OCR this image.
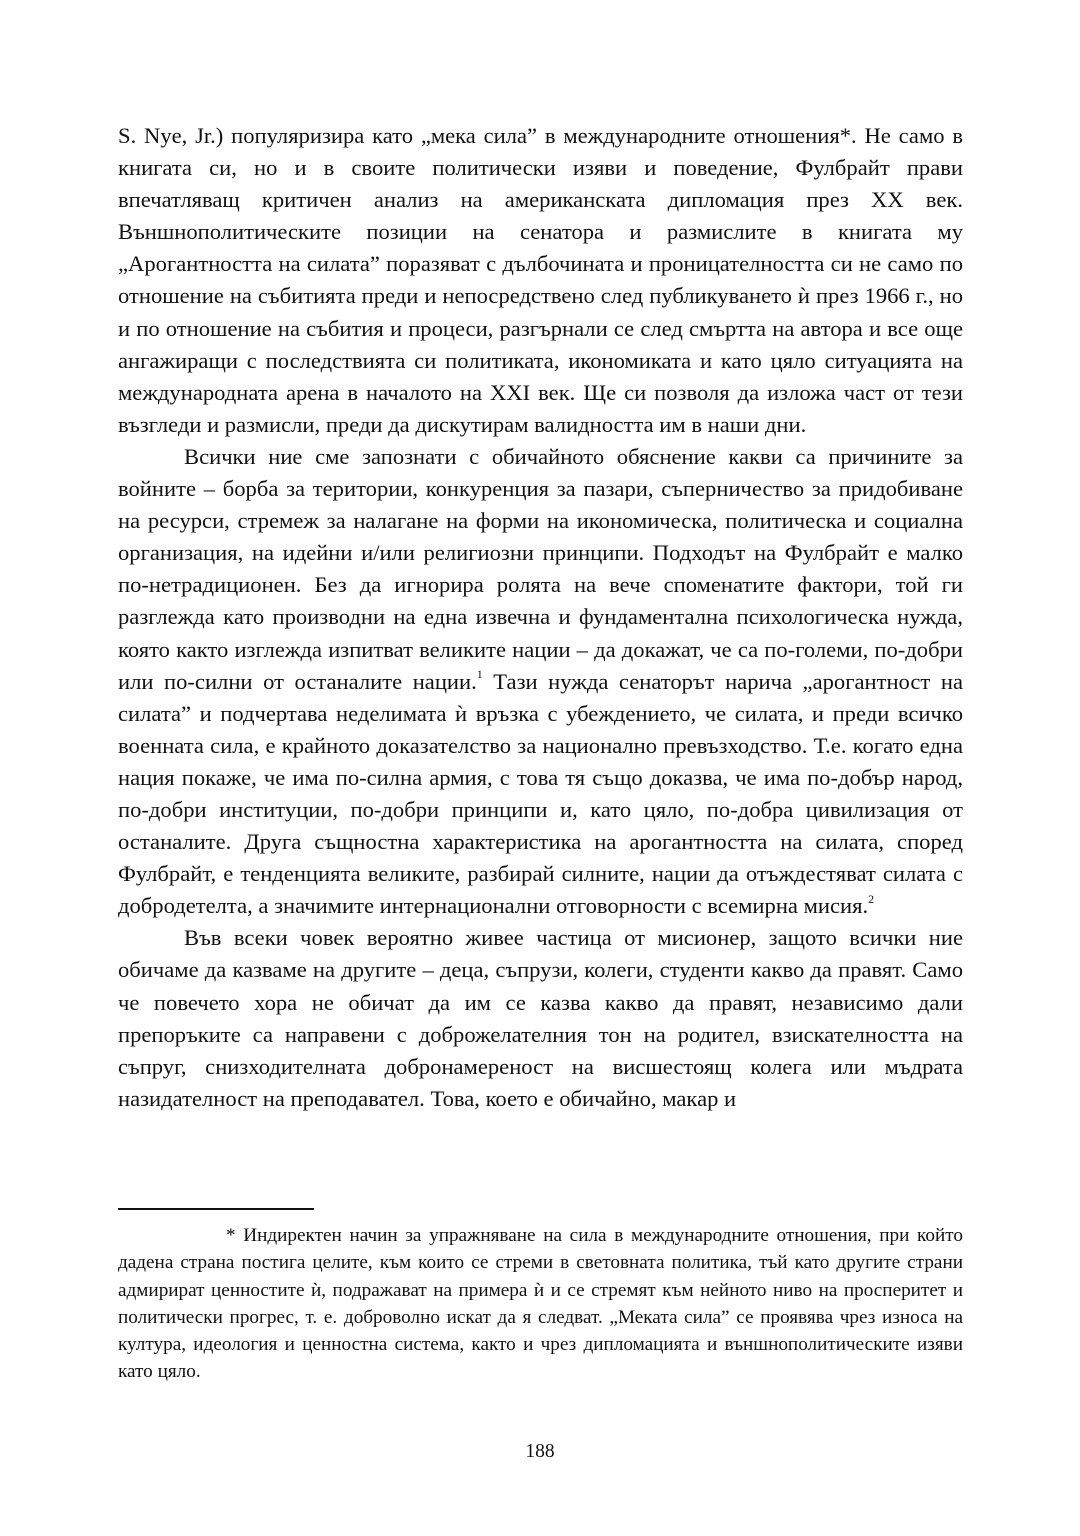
S. Nye, Jr.) популяризира като „мека сила” в международните отношения*. Не само в книгата си, но и в своите политически изяви и поведение, Фулбрайт прави впечатляващ критичен анализ на американската дипломация през XX век. Външнополитическите позиции на сенатора и размислите в книгата му „Арогантността на силата” поразяват с дълбочината и проницателността си не само по отношение на събитията преди и непосредствено след публикуването ѝ през 1966 г., но и по отношение на събития и процеси, разгърнали се след смъртта на автора и все още ангажиращи с последствията си политиката, икономиката и като цяло ситуацията на международната арена в началото на XXI век. Ще си позволя да изложа част от тези възгледи и размисли, преди да дискутирам валидността им в наши дни.

Всички ние сме запознати с обичайното обяснение какви са причините за войните – борба за територии, конкуренция за пазари, съперничество за придобиване на ресурси, стремеж за налагане на форми на икономическа, политическа и социална организация, на идейни и/или религиозни принципи. Подходът на Фулбрайт е малко по-нетрадиционен. Без да игнорира ролята на вече споменатите фактори, той ги разглежда като производни на една извечна и фундаментална психологическа нужда, която както изглежда изпитват великите нации – да докажат, че са по-големи, по-добри или по-силни от останалите нации.$^1$ Тази нужда сенаторът нарича „арогантност на силата” и подчертава неделимата ѝ връзка с убеждението, че силата, и преди всичко военната сила, е крайното доказателство за национално превъзходство. Т.е. когато една нация покаже, че има по-силна армия, с това тя също доказва, че има по-добър народ, по-добри институции, по-добри принципи и, като цяло, по-добра цивилизация от останалите. Друга същностна характеристика на арогантността на силата, според Фулбрайт, е тенденцията великите, разбирай силните, нации да отъждестяват силата с добродетелта, а значимите интернационални отговорности с всемирна мисия.$^2$

Във всеки човек вероятно живее частица от мисионер, защото всички ние обичаме да казваме на другите – деца, съпрузи, колеги, студенти какво да правят. Само че повечето хора не обичат да им се казва какво да правят, независимо дали препоръките са направени с доброжелателния тон на родител, взискателността на съпруг, снизходителната добронамереност на висшестоящ колега или мъдрата назидателност на преподавател. Това, което е обичайно, макар и

* Индиректен начин за упражняване на сила в международните отношения, при който дадена страна постига целите, към които се стреми в световната политика, тъй като другите страни адмирират ценностите ѝ, подражават на примера ѝ и се стремят към нейното ниво на просперитет и политически прогрес, т. е. доброволно искат да я следват. „Меката сила” се проявява чрез износа на култура, идеология и ценностна система, както и чрез дипломацията и външнополитическите изяви като цяло.

188
